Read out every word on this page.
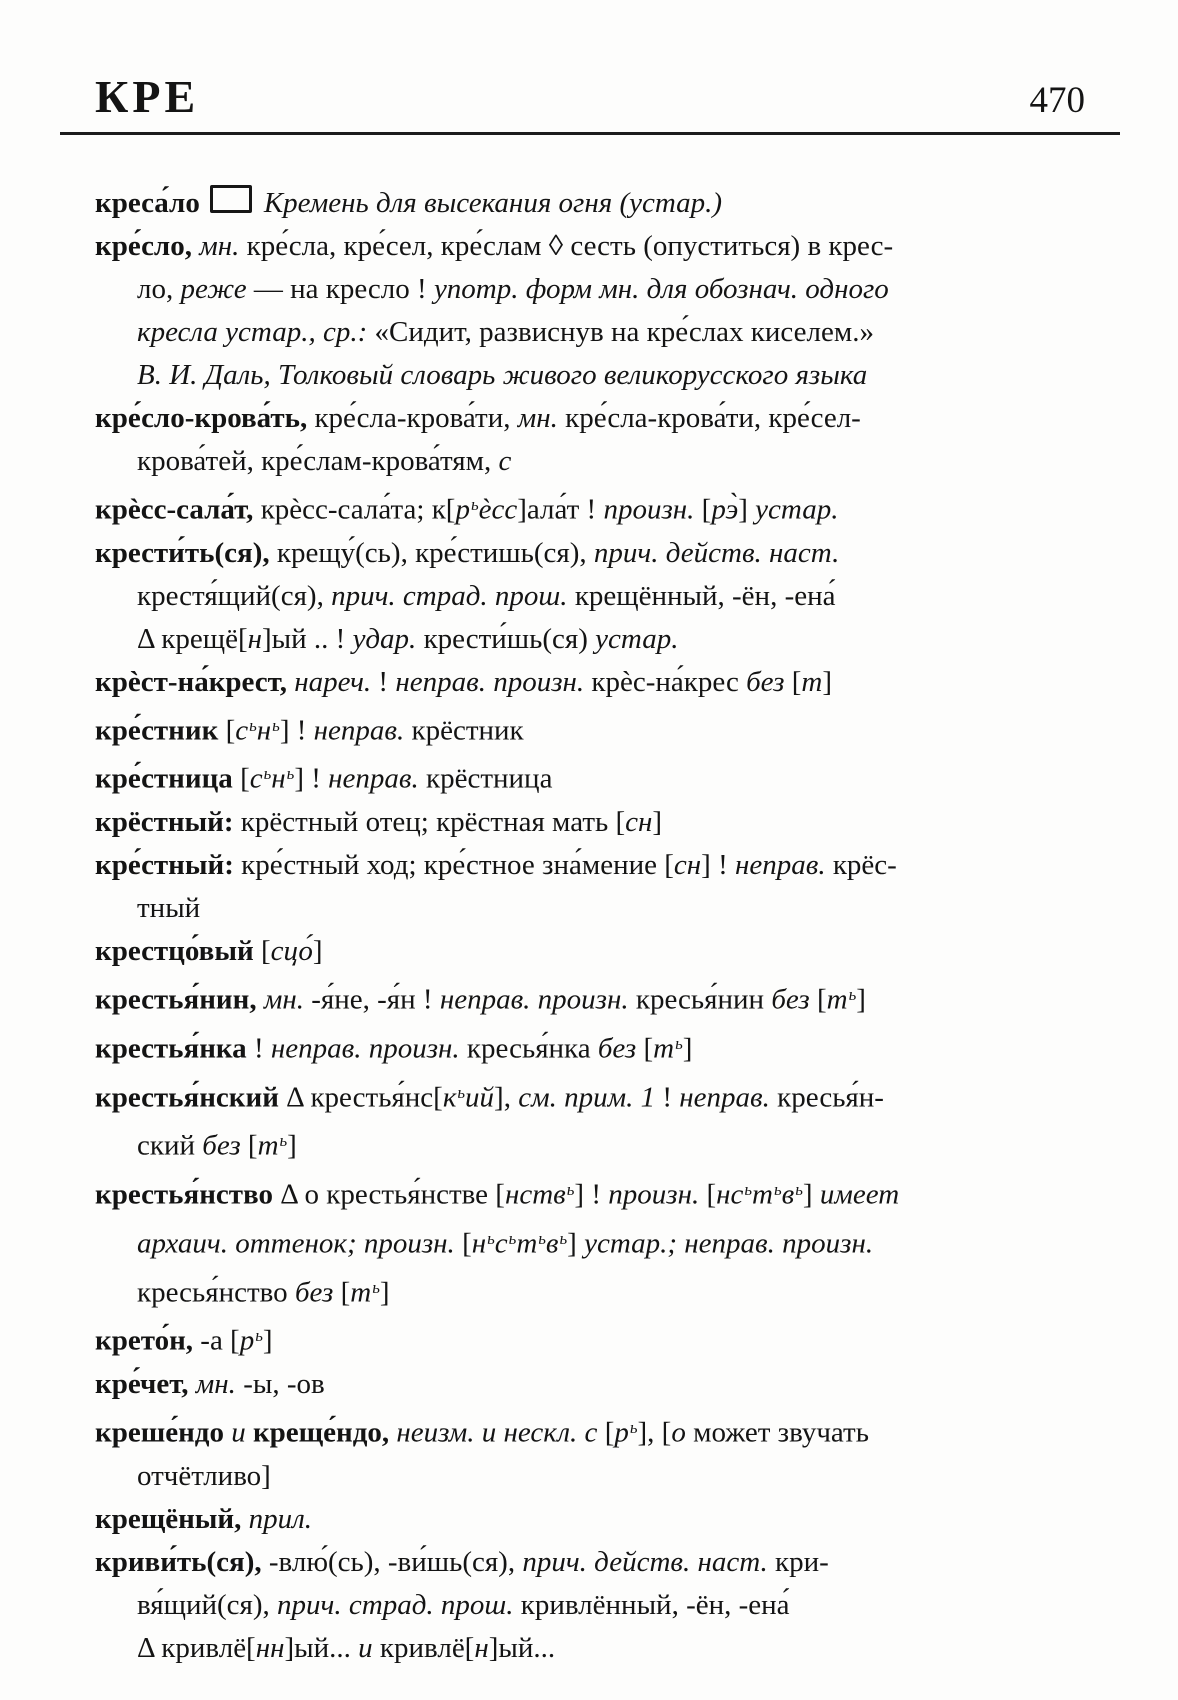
КРЕ	470

креса́ло Кремень для высекания огня (устар.)

кре́сло, мн. кре́сла, кре́сел, кре́слам ◊ сесть (опуститься) в крес-
ло, реже — на кресло ! употр. форм мн. для обознач. одного
кресла устар., ср.: «Сидит, развиснув на кре́слах киселем.»
В. И. Даль, Толковый словарь живого великорусского языка

кре́сло-крова́ть, кре́сла-крова́ти, мн. кре́сла-крова́ти, кре́сел-
крова́тей, кре́слам-крова́тям, с

крѐсс-сала́т, крѐсс-сала́та; $к[р^ьѐсс]ала́т$ ! произн. [рэ̀] устар.

крести́ть(ся), крещу́(сь), кре́стишь(ся), прич. действ. наст.
крестя́щий(ся), прич. страд. прош. крещённый, -ён, -ена́
Δ крещё[н]ый .. ! удар. крести́шь(ся) устар.

крѐст-на́крест, нареч. ! неправ. произн. крѐс-на́крес без [т]

кре́стник $[с^ьн^ь]$ ! неправ. крёстник

кре́стница $[с^ьн^ь]$ ! неправ. крёстница

крёстный: крёстный отец; крёстная мать [сн]

кре́стный: кре́стный ход; кре́стное зна́мение [сн] ! неправ. крёс-
тный

крестцо́вый [сцо́]

крестья́нин, мн. -я́не, -я́н ! неправ. произн. кресья́нин без $[т^ь]$

крестья́нка ! неправ. произн. кресья́нка без $[т^ь]$

крестья́нский Δ $крестья́нс[к^ьий]$, см. прим. 1 ! неправ. кресья́н-
ский без $[т^ь]$

крестья́нство Δ о крестья́нстве [нств$^ь$] ! произн. $[нс^ьт^ьв^ь]$ имеет
архаич. оттенок; произн. $[н^ьс^ьт^ьв^ь]$ устар.; неправ. произн.
кресья́нство без $[т^ь]$

крето́н, -а $[р^ь]$

кре́чет, мн. -ы, -ов

креше́ндо и креще́ндо, неизм. и нескл. с $[р^ь]$, [о может звучать
отчётливо]

крещёный, прил.

криви́ть(ся), -влю́(сь), -ви́шь(ся), прич. действ. наст. кри-
вя́щий(ся), прич. страд. прош. кривлённый, -ён, -ена́
Δ кривлё[нн]ый... и кривлё[н]ый...
